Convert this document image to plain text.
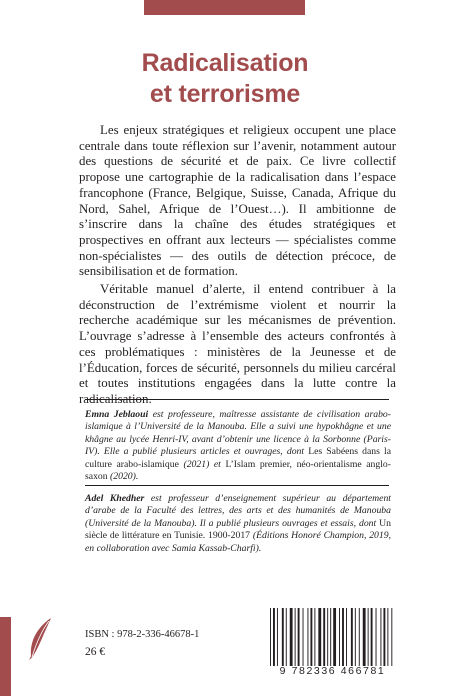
Radicalisation
et terrorisme

Les enjeux stratégiques et religieux occupent une place centrale dans toute réflexion sur l’avenir, notamment autour des questions de sécurité et de paix. Ce livre collectif propose une cartographie de la radicalisation dans l’espace francophone (France, Belgique, Suisse, Canada, Afrique du Nord, Sahel, Afrique de l’Ouest…). Il ambitionne de s’inscrire dans la chaîne des études stratégiques et prospectives en offrant aux lecteurs — spécialistes comme non-spécialistes — des outils de détection précoce, de sensibilisation et de formation.

Véritable manuel d’alerte, il entend contribuer à la déconstruction de l’extrémisme violent et nourrir la recherche académique sur les mécanismes de prévention. L’ouvrage s’adresse à l’ensemble des acteurs confrontés à ces problématiques : ministères de la Jeunesse et de l’Éducation, forces de sécurité, personnels du milieu carcéral et toutes institutions engagées dans la lutte contre la radicalisation.

Emna Jeblaoui est professeure, maîtresse assistante de civilisation arabo-islamique à l’Université de la Manouba. Elle a suivi une hypokhâgne et une khâgne au lycée Henri-IV, avant d’obtenir une licence à la Sorbonne (Paris-IV). Elle a publié plusieurs articles et ouvrages, dont Les Sabéens dans la culture arabo-islamique (2021) et L’Islam premier, néo-orientalisme anglo-saxon (2020).

Adel Khedher est professeur d’enseignement supérieur au département d’arabe de la Faculté des lettres, des arts et des humanités de Manouba (Université de la Manouba). Il a publié plusieurs ouvrages et essais, dont Un siècle de littérature en Tunisie. 1900-2017 (Éditions Honoré Champion, 2019, en collaboration avec Samia Kassab-Charfi).

ISBN : 978-2-336-46678-1
26 €
9 782336 466781
